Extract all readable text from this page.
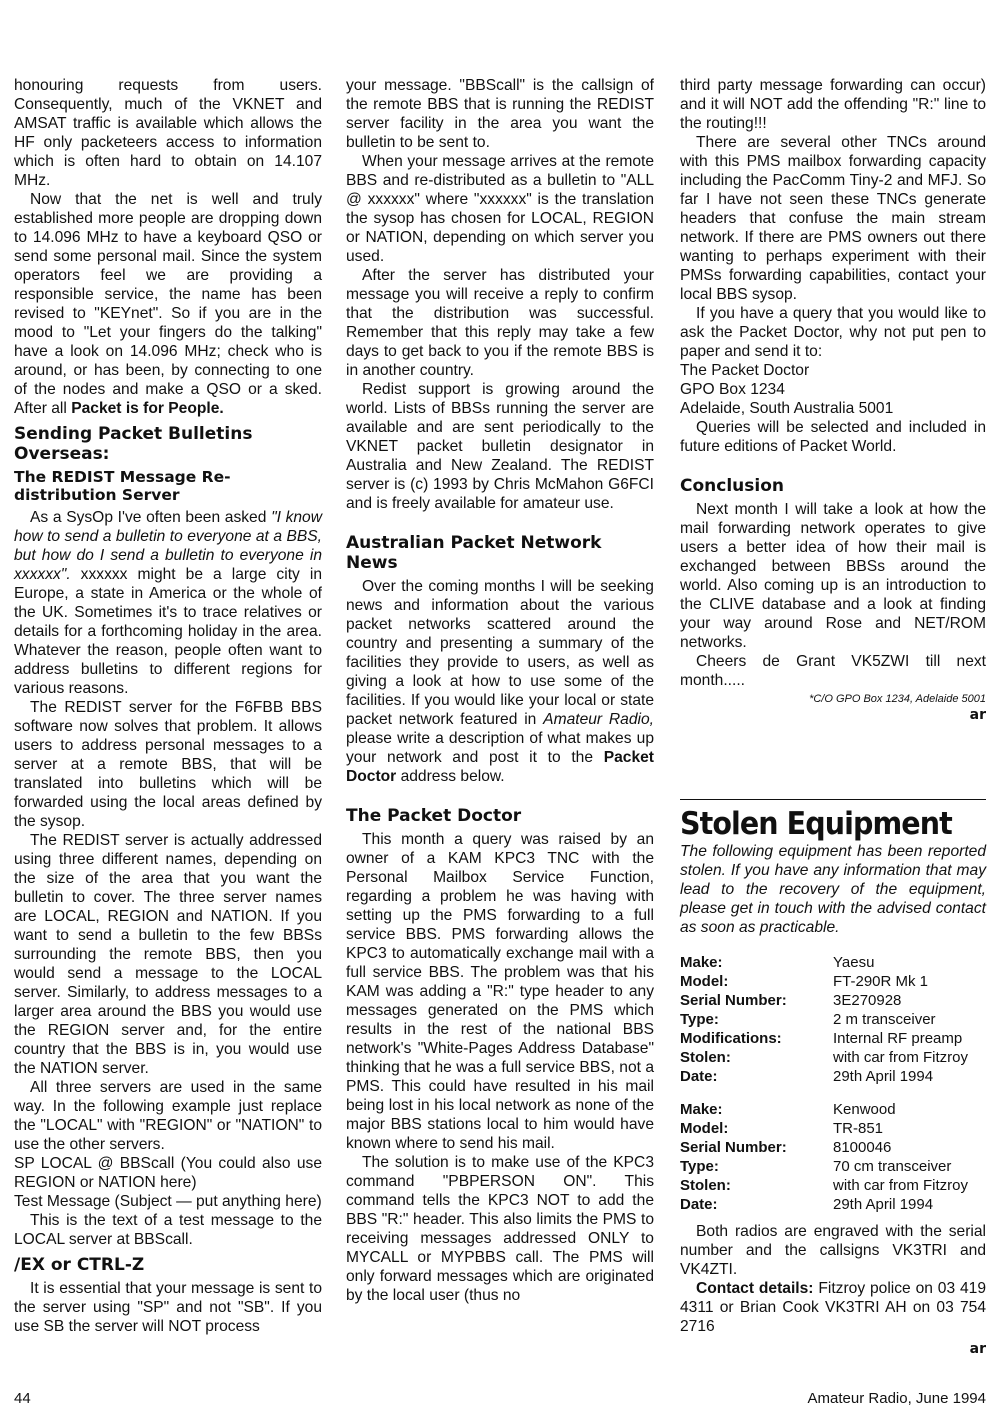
honouring requests from users. Consequently, much of the VKNET and AMSAT traffic is available which allows the HF only packeteers access to information which is often hard to obtain on 14.107 MHz.

Now that the net is well and truly established more people are dropping down to 14.096 MHz to have a keyboard QSO or send some personal mail. Since the system operators feel we are providing a responsible service, the name has been revised to "KEYnet". So if you are in the mood to "Let your fingers do the talking" have a look on 14.096 MHz; check who is around, or has been, by connecting to one of the nodes and make a QSO or a sked. After all Packet is for People.

Sending Packet Bulletins Overseas:
The REDIST Message Re-distribution Server

As a SysOp I've often been asked "I know how to send a bulletin to everyone at a BBS, but how do I send a bulletin to everyone in xxxxxx". xxxxxx might be a large city in Europe, a state in America or the whole of the UK. Sometimes it's to trace relatives or details for a forthcoming holiday in the area. Whatever the reason, people often want to address bulletins to different regions for various reasons.

The REDIST server for the F6FBB BBS software now solves that problem. It allows users to address personal messages to a server at a remote BBS, that will be translated into bulletins which will be forwarded using the local areas defined by the sysop.

The REDIST server is actually addressed using three different names, depending on the size of the area that you want the bulletin to cover. The three server names are LOCAL, REGION and NATION. If you want to send a bulletin to the few BBSs surrounding the remote BBS, then you would send a message to the LOCAL server. Similarly, to address messages to a larger area around the BBS you would use the REGION server and, for the entire country that the BBS is in, you would use the NATION server.

All three servers are used in the same way. In the following example just replace the "LOCAL" with "REGION" or "NATION" to use the other servers.

SP LOCAL @ BBScall (You could also use REGION or NATION here)

Test Message (Subject — put anything here)

This is the text of a test message to the LOCAL server at BBScall.

/EX or CTRL-Z

It is essential that your message is sent to the server using "SP" and not "SB". If you use SB the server will NOT process

your message. "BBScall" is the callsign of the remote BBS that is running the REDIST server facility in the area you want the bulletin to be sent to.

When your message arrives at the remote BBS and re-distributed as a bulletin to "ALL @ xxxxxx" where "xxxxxx" is the translation the sysop has chosen for LOCAL, REGION or NATION, depending on which server you used.

After the server has distributed your message you will receive a reply to confirm that the distribution was successful. Remember that this reply may take a few days to get back to you if the remote BBS is in another country.

Redist support is growing around the world. Lists of BBSs running the server are available and are sent periodically to the VKNET packet bulletin designator in Australia and New Zealand. The REDIST server is (c) 1993 by Chris McMahon G6FCI and is freely available for amateur use.

Australian Packet Network News

Over the coming months I will be seeking news and information about the various packet networks scattered around the country and presenting a summary of the facilities they provide to users, as well as giving a look at how to use some of the facilities. If you would like your local or state packet network featured in Amateur Radio, please write a description of what makes up your network and post it to the Packet Doctor address below.

The Packet Doctor

This month a query was raised by an owner of a KAM KPC3 TNC with the Personal Mailbox Service Function, regarding a problem he was having with setting up the PMS forwarding to a full service BBS. PMS forwarding allows the KPC3 to automatically exchange mail with a full service BBS. The problem was that his KAM was adding a "R:" type header to any messages generated on the PMS which results in the rest of the national BBS network's "White-Pages Address Database" thinking that he was a full service BBS, not a PMS. This could have resulted in his mail being lost in his local network as none of the major BBS stations local to him would have known where to send his mail.

The solution is to make use of the KPC3 command "PBPERSON ON". This command tells the KPC3 NOT to add the BBS "R:" header. This also limits the PMS to receiving messages addressed ONLY to MYCALL or MYPBBS call. The PMS will only forward messages which are originated by the local user (thus no

third party message forwarding can occur) and it will NOT add the offending "R:" line to the routing!!!

There are several other TNCs around with this PMS mailbox forwarding capacity including the PacComm Tiny-2 and MFJ. So far I have not seen these TNCs generate headers that confuse the main stream network. If there are PMS owners out there wanting to perhaps experiment with their PMSs forwarding capabilities, contact your local BBS sysop.

If you have a query that you would like to ask the Packet Doctor, why not put pen to paper and send it to:

The Packet Doctor

GPO Box 1234

Adelaide, South Australia 5001

Queries will be selected and included in future editions of Packet World.

Conclusion

Next month I will take a look at how the mail forwarding network operates to give users a better idea of how their mail is exchanged between BBSs around the world. Also coming up is an introduction to the CLIVE database and a look at finding your way around Rose and NET/ROM networks.

Cheers de Grant VK5ZWI till next month.....

*C/O GPO Box 1234, Adelaide 5001
ar
Stolen Equipment

The following equipment has been reported stolen. If you have any information that may lead to the recovery of the equipment, please get in touch with the advised contact as soon as practicable.

Make:	Yaesu
Model:	FT-290R Mk 1
Serial Number:	3E270928
Type:	2 m transceiver
Modifications:	Internal RF preamp
Stolen:	with car from Fitzroy
Date:	29th April 1994
Make:	Kenwood
Model:	TR-851
Serial Number:	8100046
Type:	70 cm transceiver
Stolen:	with car from Fitzroy
Date:	29th April 1994

Both radios are engraved with the serial number and the callsigns VK3TRI and VK4ZTI.

Contact details: Fitzroy police on 03 419 4311 or Brian Cook VK3TRI AH on 03 754 2716

ar
44	Amateur Radio, June 1994
